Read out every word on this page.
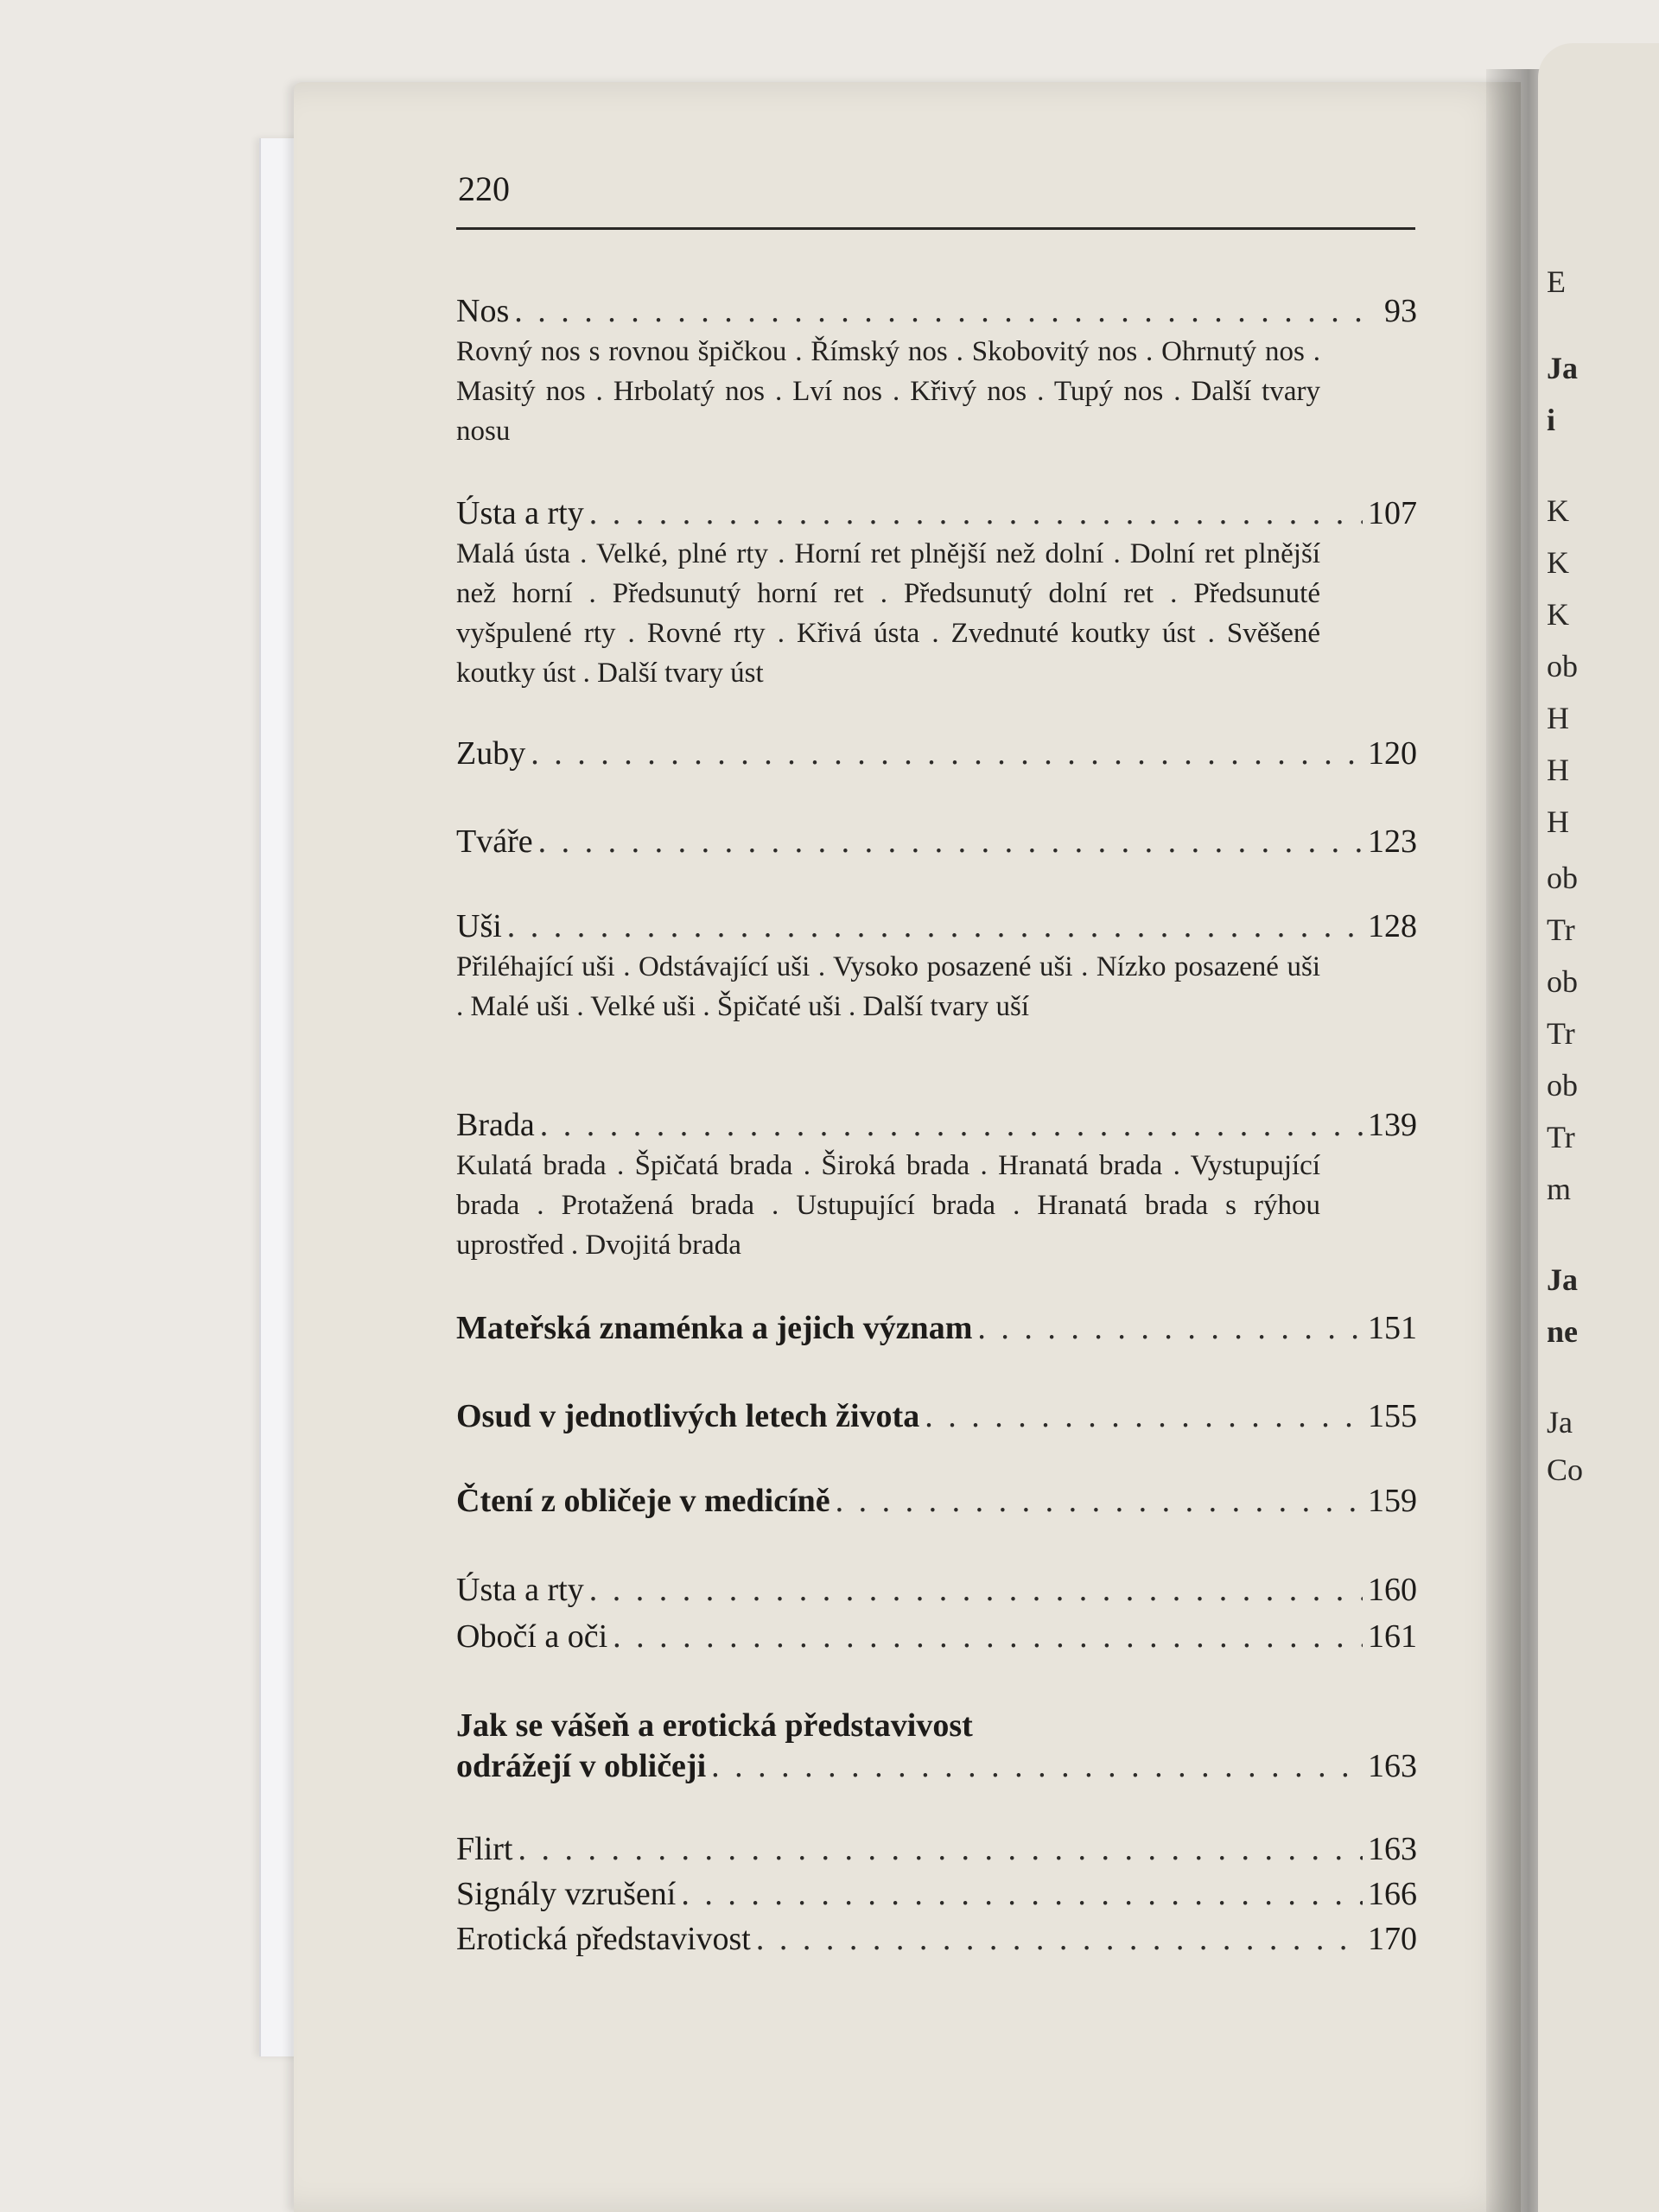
E
Ja
i
K
K
K
ob
H
H
H
ob
Tr
ob
Tr
ob
Tr
m
Ja
ne
Ja
Co
220
Nos . . .	93
Rovný nos s rovnou špičkou . Římský nos . Skobovitý nos . Ohrnutý nos . Masitý nos . Hrbolatý nos . Lví nos . Křivý nos . Tupý nos . Další tvary nosu
Ústa a rty . . .	107
Malá ústa . Velké, plné rty . Horní ret plnější než dolní . Dolní ret plnější než horní . Předsunutý horní ret . Předsunutý dolní ret . Předsunuté vyšpulené rty . Rovné rty . Křivá ústa . Zvednuté koutky úst . Svěšené koutky úst . Další tvary úst
Zuby . . .	120
Tváře . . .	123
Uši . . .	128
Přiléhající uši . Odstávající uši . Vysoko posazené uši . Nízko posazené uši . Malé uši . Velké uši . Špičaté uši . Další tvary uší
Brada . . .	139
Kulatá brada . Špičatá brada . Široká brada . Hranatá brada . Vystupující brada . Protažená brada . Ustupující brada . Hranatá brada s rýhou uprostřed . Dvojitá brada
Mateřská znaménka a jejich význam . . .	151
Osud v jednotlivých letech života . . .	155
Čtení z obličeje v medicíně . . .	159
Ústa a rty . . .	160
Obočí a oči . . .	161
Jak se vášeň a erotická představivost
odrážejí v obličeji . . .	163
Flirt . . .	163
Signály vzrušení . . .	166
Erotická představivost . . .	170
